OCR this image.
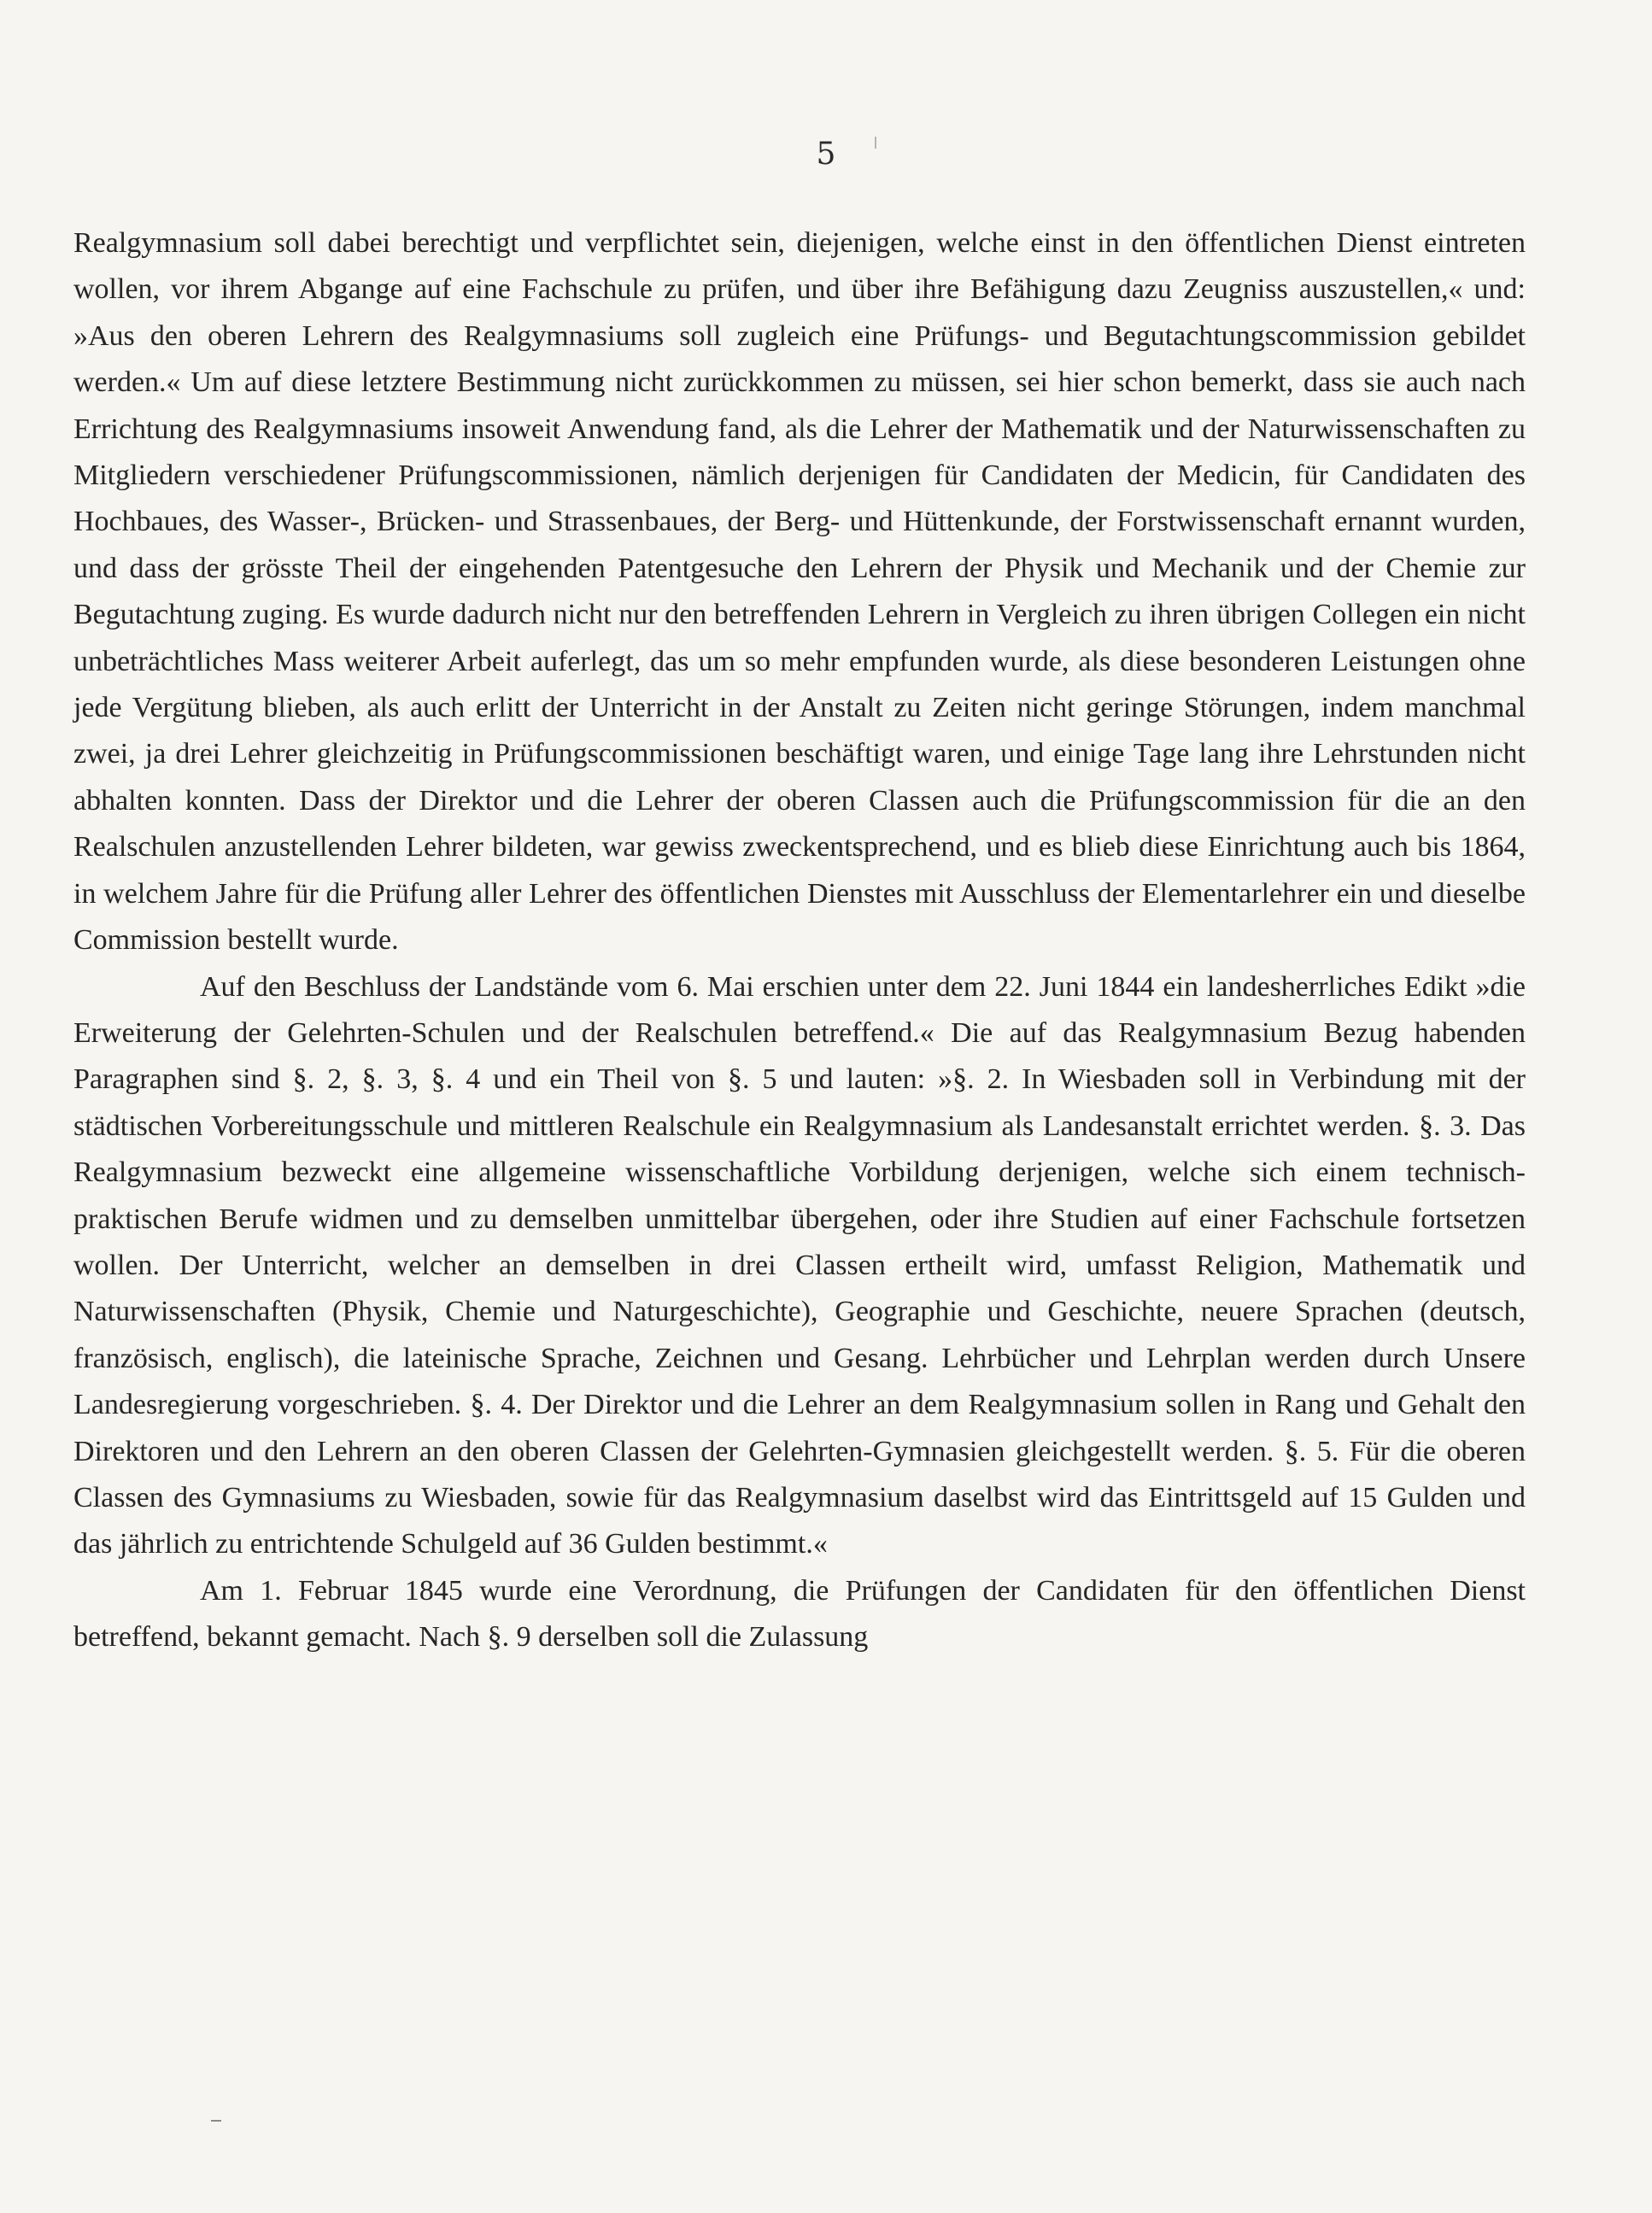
5

Realgymnasium soll dabei berechtigt und verpflichtet sein, diejenigen, welche einst in den öffentlichen Dienst eintreten wollen, vor ihrem Abgange auf eine Fachschule zu prüfen, und über ihre Befähigung dazu Zeugniss auszustellen,« und: »Aus den oberen Lehrern des Realgymnasiums soll zugleich eine Prüfungs- und Begutachtungscommission gebildet werden.« Um auf diese letztere Bestimmung nicht zurückkommen zu müssen, sei hier schon bemerkt, dass sie auch nach Errichtung des Realgymnasiums insoweit Anwendung fand, als die Lehrer der Mathematik und der Naturwissenschaften zu Mitgliedern verschiedener Prüfungscommissionen, nämlich derjenigen für Candidaten der Medicin, für Candidaten des Hochbaues, des Wasser-, Brücken- und Strassenbaues, der Berg- und Hüttenkunde, der Forstwissenschaft ernannt wurden, und dass der grösste Theil der eingehenden Patentgesuche den Lehrern der Physik und Mechanik und der Chemie zur Begutachtung zuging. Es wurde dadurch nicht nur den betreffenden Lehrern in Vergleich zu ihren übrigen Collegen ein nicht unbeträchtliches Mass weiterer Arbeit auferlegt, das um so mehr empfunden wurde, als diese besonderen Leistungen ohne jede Vergütung blieben, als auch erlitt der Unterricht in der Anstalt zu Zeiten nicht geringe Störungen, indem manchmal zwei, ja drei Lehrer gleichzeitig in Prüfungscommissionen beschäftigt waren, und einige Tage lang ihre Lehrstunden nicht abhalten konnten. Dass der Direktor und die Lehrer der oberen Classen auch die Prüfungscommission für die an den Realschulen anzustellenden Lehrer bildeten, war gewiss zweckentsprechend, und es blieb diese Einrichtung auch bis 1864, in welchem Jahre für die Prüfung aller Lehrer des öffentlichen Dienstes mit Ausschluss der Elementarlehrer ein und dieselbe Commission bestellt wurde.

Auf den Beschluss der Landstände vom 6. Mai erschien unter dem 22. Juni 1844 ein landesherrliches Edikt »die Erweiterung der Gelehrten-Schulen und der Realschulen betreffend.« Die auf das Realgymnasium Bezug habenden Paragraphen sind §. 2, §. 3, §. 4 und ein Theil von §. 5 und lauten: »§. 2. In Wiesbaden soll in Verbindung mit der städtischen Vorbereitungsschule und mittleren Realschule ein Realgymnasium als Landesanstalt errichtet werden. §. 3. Das Realgymnasium bezweckt eine allgemeine wissenschaftliche Vorbildung derjenigen, welche sich einem technisch-praktischen Berufe widmen und zu demselben unmittelbar übergehen, oder ihre Studien auf einer Fachschule fortsetzen wollen. Der Unterricht, welcher an demselben in drei Classen ertheilt wird, umfasst Religion, Mathematik und Naturwissenschaften (Physik, Chemie und Naturgeschichte), Geographie und Geschichte, neuere Sprachen (deutsch, französisch, englisch), die lateinische Sprache, Zeichnen und Gesang. Lehrbücher und Lehrplan werden durch Unsere Landesregierung vorgeschrieben. §. 4. Der Direktor und die Lehrer an dem Realgymnasium sollen in Rang und Gehalt den Direktoren und den Lehrern an den oberen Classen der Gelehrten-Gymnasien gleichgestellt werden. §. 5. Für die oberen Classen des Gymnasiums zu Wiesbaden, sowie für das Realgymnasium daselbst wird das Eintrittsgeld auf 15 Gulden und das jährlich zu entrichtende Schulgeld auf 36 Gulden bestimmt.«

Am 1. Februar 1845 wurde eine Verordnung, die Prüfungen der Candidaten für den öffentlichen Dienst betreffend, bekannt gemacht. Nach §. 9 derselben soll die Zulassung
